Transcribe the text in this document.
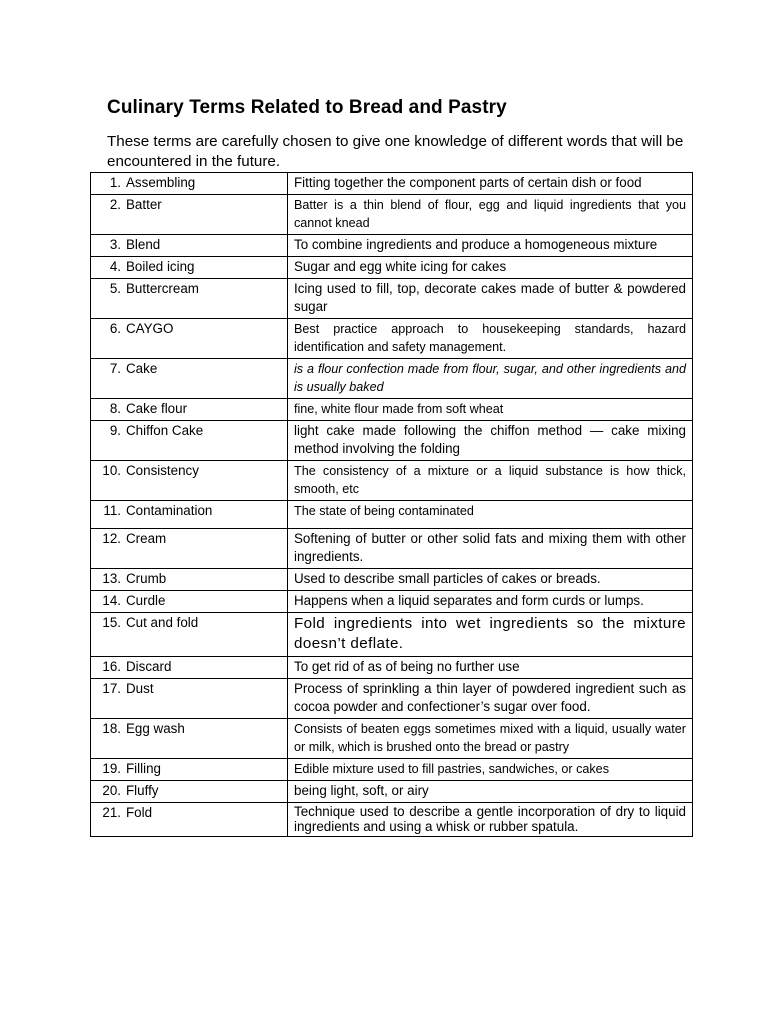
Culinary Terms Related to Bread and Pastry
These terms are carefully chosen to give one knowledge of different words that will be encountered in the future.
1. Assembling	Fitting together the component parts of certain dish or food
2. Batter	Batter is a thin blend of flour, egg and liquid ingredients that you cannot knead
3. Blend	To combine ingredients and produce a homogeneous mixture
4. Boiled icing	Sugar and egg white icing for cakes
5. Buttercream	Icing used to fill, top, decorate cakes made of butter & powdered sugar
6. CAYGO	Best practice approach to housekeeping standards, hazard identification and safety management.
7. Cake	is a flour confection made from flour, sugar, and other ingredients and is usually baked
8. Cake flour	fine, white flour made from soft wheat
9. Chiffon Cake	light cake made following the chiffon method — cake mixing method involving the folding
10. Consistency	The consistency of a mixture or a liquid substance is how thick, smooth, etc
11. Contamination	The state of being contaminated
12. Cream	Softening of butter or other solid fats and mixing them with other ingredients.
13. Crumb	Used to describe small particles of cakes or breads.
14. Curdle	Happens when a liquid separates and form curds or lumps.
15. Cut and fold	Fold ingredients into wet ingredients so the mixture doesn’t deflate.
16. Discard	To get rid of as of being no further use
17. Dust	Process of sprinkling a thin layer of powdered ingredient such as cocoa powder and confectioner’s sugar over food.
18. Egg wash	Consists of beaten eggs sometimes mixed with a liquid, usually water or milk, which is brushed onto the bread or pastry
19. Filling	Edible mixture used to fill pastries, sandwiches, or cakes
20. Fluffy	being light, soft, or airy
21. Fold	Technique used to describe a gentle incorporation of dry to liquid ingredients and using a whisk or rubber spatula.
